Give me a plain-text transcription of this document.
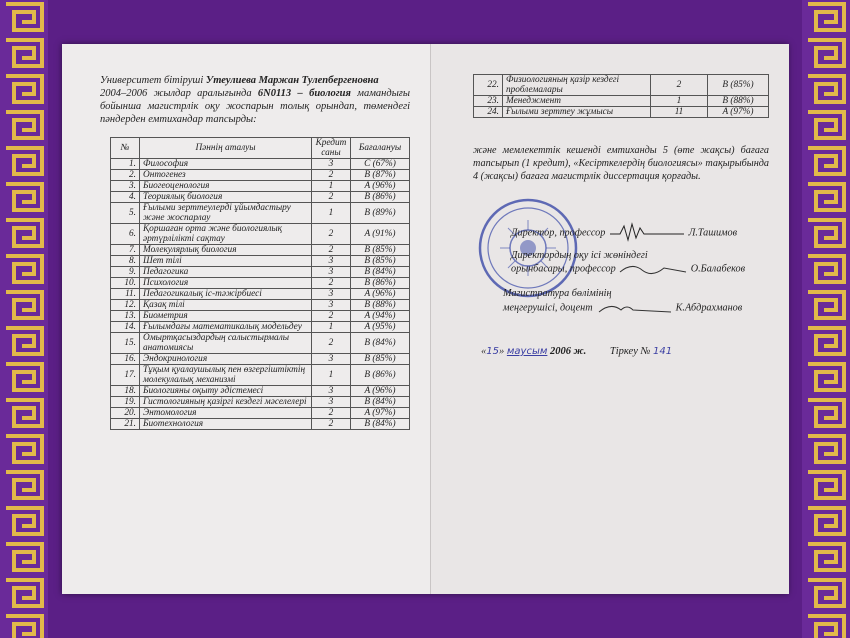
Университет бітіруші Утеулиева Маржан Тулепбергеновна
2004–2006 жылдар аралығында 6N0113 – биология мамандығы бойынша магистрлік оқу жоспарын толық орындап, төмендегі пəндерден емтихандар тапсырды:
№	Пәннің аталуы	Кредит саны	Бағалануы
1.	Философия	3	C (67%)
2.	Онтогенез	2	B (87%)
3.	Биогеоценология	1	A (96%)
4.	Теориялық биология	2	B (86%)
5.	Ғылыми зерттеулерді ұйымдастыру және жоспарлау	1	B (89%)
6.	Қоршаған орта және биологиялық әртүрлілікті сақтау	2	A (91%)
7.	Молекулярлық биология	2	B (85%)
8.	Шет тілі	3	B (85%)
9.	Педагогика	3	B (84%)
10.	Психология	2	B (86%)
11.	Педагогикалық іс-тәжірбиесі	3	A (96%)
12.	Қазақ тілі	3	B (88%)
13.	Биометрия	2	A (94%)
14.	Ғылымдағы математикалық модельдеу	1	A (95%)
15.	Омыртқасыздардың салыстырмалы анатомиясы	2	B (84%)
16.	Эндокринология	3	B (85%)
17.	Тұқым қуалаушылық пен өзгергіштіктің молекулалық механизмі	1	B (86%)
18.	Биологияны оқыту әдістемесі	3	A (96%)
19.	Гистологияның қазіргі кездегі мәселелері	3	B (84%)
20.	Энтомология	2	A (97%)
21.	Биотехнология	2	B (84%)
22.	Физиологияның қазір кездегі проблемалары	2	B (85%)
23.	Менеджмент	1	B (88%)
24.	Ғылыми зерттеу жұмысы	11	A (97%)
және мемлекеттік кешенді емтиханды 5 (өте жақсы) бағага тапсырып (1 кредит), «Кесірткелердің биологиясы» тақырыбында 4 (жақсы) бағага магистрлік диссертация қорғады.
Директор, профессор	Л.Ташимов
Директордың оқу ісі жөніндегі
орынбасары, профессор	О.Балабеков
Магистратура бөлімінің
меңгерушісі, доцент	К.Абдрахманов
«15» маусым 2006 ж. Тіркеу № 141
